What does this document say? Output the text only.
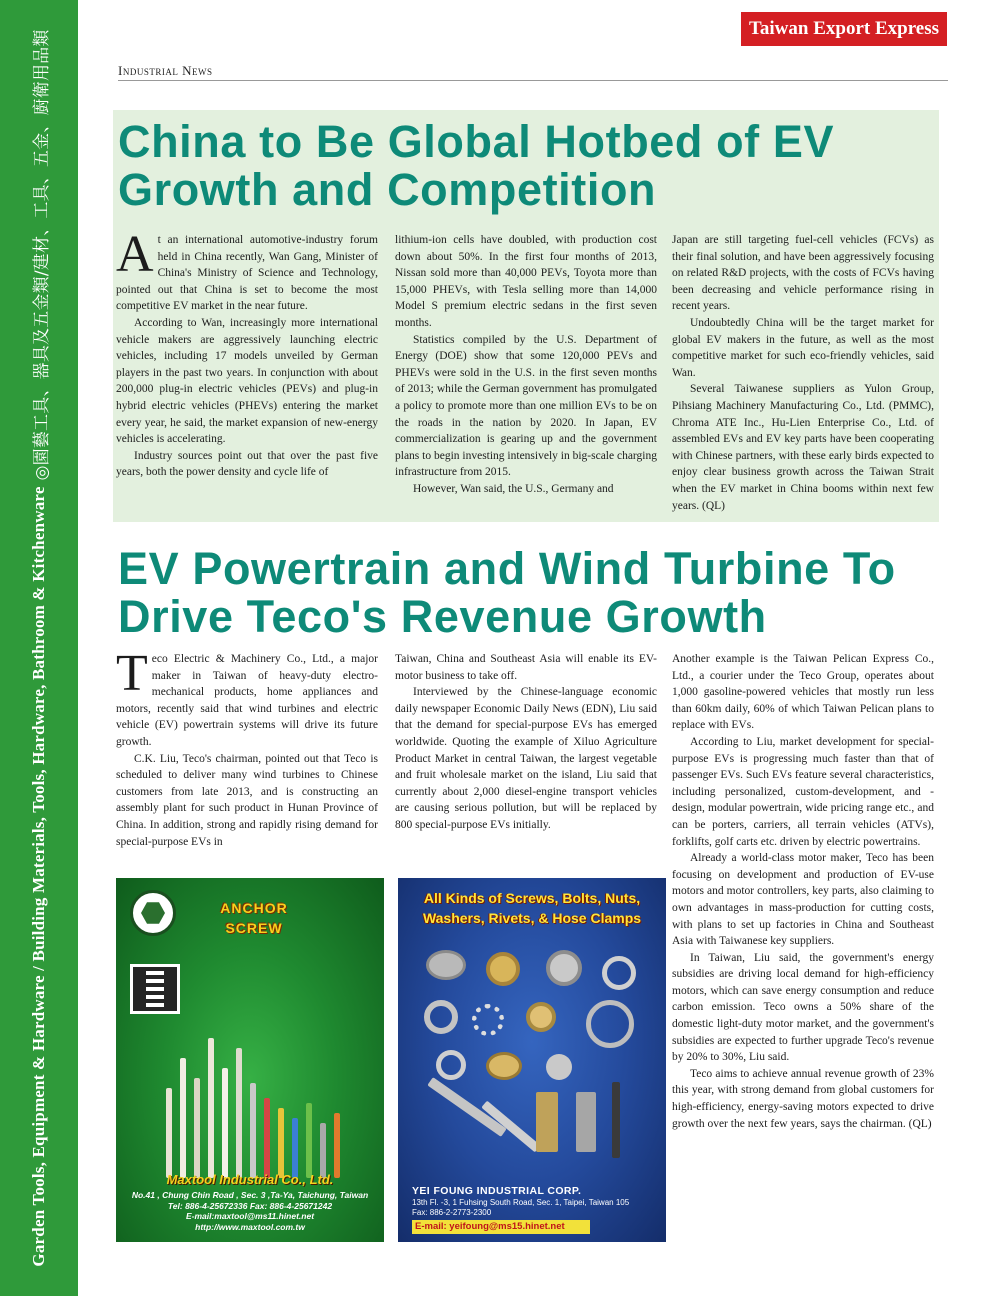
Garden Tools, Equipment & Hardware / Building Materials, Tools, Hardware, Bathroom & Kitchenware
◎園藝工具、器具及五金類/建材、工具、五金、廚衛用品類
Taiwan Export Express
Industrial News
China to Be Global Hotbed of EV Growth and Competition

At an international automotive-industry forum held in China recently, Wan Gang, Minister of China's Ministry of Science and Technology, pointed out that China is set to become the most competitive EV market in the near future.

According to Wan, increasingly more international vehicle makers are aggressively launching electric vehicles, including 17 models unveiled by German players in the past two years. In conjunction with about 200,000 plug-in electric vehicles (PEVs) and plug-in hybrid electric vehicles (PHEVs) entering the market every year, he said, the market expansion of new-energy vehicles is accelerating.

Industry sources point out that over the past five years, both the power density and cycle life of

lithium-ion cells have doubled, with production cost down about 50%. In the first four months of 2013, Nissan sold more than 40,000 PEVs, Toyota more than 15,000 PHEVs, with Tesla selling more than 14,000 Model S premium electric sedans in the first seven months.

Statistics compiled by the U.S. Department of Energy (DOE) show that some 120,000 PEVs and PHEVs were sold in the U.S. in the first seven months of 2013; while the German government has promulgated a policy to promote more than one million EVs to be on the roads in the nation by 2020. In Japan, EV commercialization is gearing up and the government plans to begin investing intensively in big-scale charging infrastructure from 2015.

However, Wan said, the U.S., Germany and

Japan are still targeting fuel-cell vehicles (FCVs) as their final solution, and have been aggressively focusing on related R&D projects, with the costs of FCVs having been decreasing and vehicle performance rising in recent years.

Undoubtedly China will be the target market for global EV makers in the future, as well as the most competitive market for such eco-friendly vehicles, said Wan.

Several Taiwanese suppliers as Yulon Group, Pihsiang Machinery Manufacturing Co., Ltd. (PMMC), Chroma ATE Inc., Hu-Lien Enterprise Co., Ltd. of assembled EVs and EV key parts have been cooperating with Chinese partners, with these early birds expected to enjoy clear business growth across the Taiwan Strait when the EV market in China booms within next few years. (QL)

EV Powertrain and Wind Turbine To Drive Teco's Revenue Growth

Teco Electric & Machinery Co., Ltd., a major maker in Taiwan of heavy-duty electro-mechanical products, home appliances and motors, recently said that wind turbines and electric vehicle (EV) powertrain systems will drive its future growth.

C.K. Liu, Teco's chairman, pointed out that Teco is scheduled to deliver many wind turbines to Chinese customers from late 2013, and is constructing an assembly plant for such product in Hunan Province of China. In addition, strong and rapidly rising demand for special-purpose EVs in

Taiwan, China and Southeast Asia will enable its EV-motor business to take off.

Interviewed by the Chinese-language economic daily newspaper Economic Daily News (EDN), Liu said that the demand for special-purpose EVs has emerged worldwide. Quoting the example of Xiluo Agriculture Product Market in central Taiwan, the largest vegetable and fruit wholesale market on the island, Liu said that currently about 2,000 diesel-engine transport vehicles are causing serious pollution, but will be replaced by 800 special-purpose EVs initially.

Another example is the Taiwan Pelican Express Co., Ltd., a courier under the Teco Group, operates about 1,000 gasoline-powered vehicles that mostly run less than 60km daily, 60% of which Taiwan Pelican plans to replace with EVs.

According to Liu, market development for special-purpose EVs is progressing much faster than that of passenger EVs. Such EVs feature several characteristics, including personalized, custom-development, and -design, modular powertrain, wide pricing range etc., and can be porters, carriers, all terrain vehicles (ATVs), forklifts, golf carts etc. driven by electric powertrains.

Already a world-class motor maker, Teco has been focusing on development and production of EV-use motors and motor controllers, key parts, also claiming to own advantages in mass-production for cutting costs, with plans to set up factories in China and Southeast Asia with Taiwanese key suppliers.

In Taiwan, Liu said, the government's energy subsidies are driving local demand for high-efficiency motors, which can save energy consumption and reduce carbon emission. Teco owns a 50% share of the domestic light-duty motor market, and the government's subsidies are expected to further upgrade Teco's revenue by 20% to 30%, Liu said.

Teco aims to achieve annual revenue growth of 23% this year, with strong demand from global customers for high-efficiency, energy-saving motors expected to drive growth over the next few years, says the chairman. (QL)

ANCHOR
SCREW
Maxtool Industrial Co., Ltd.
No.41 , Chung Chin Road , Sec. 3 ,Ta-Ya, Taichung, Taiwan
Tel: 886-4-25672336 Fax: 886-4-25671242
E-mail:maxtool@ms11.hinet.net
http://www.maxtool.com.tw
All Kinds of Screws, Bolts, Nuts,
Washers, Rivets, & Hose Clamps
YEI FOUNG INDUSTRIAL CORP.
13th Fl. -3, 1 Fuhsing South Road, Sec. 1, Taipei, Taiwan 105
Fax: 886-2-2773-2300
E-mail: yeifoung@ms15.hinet.net
